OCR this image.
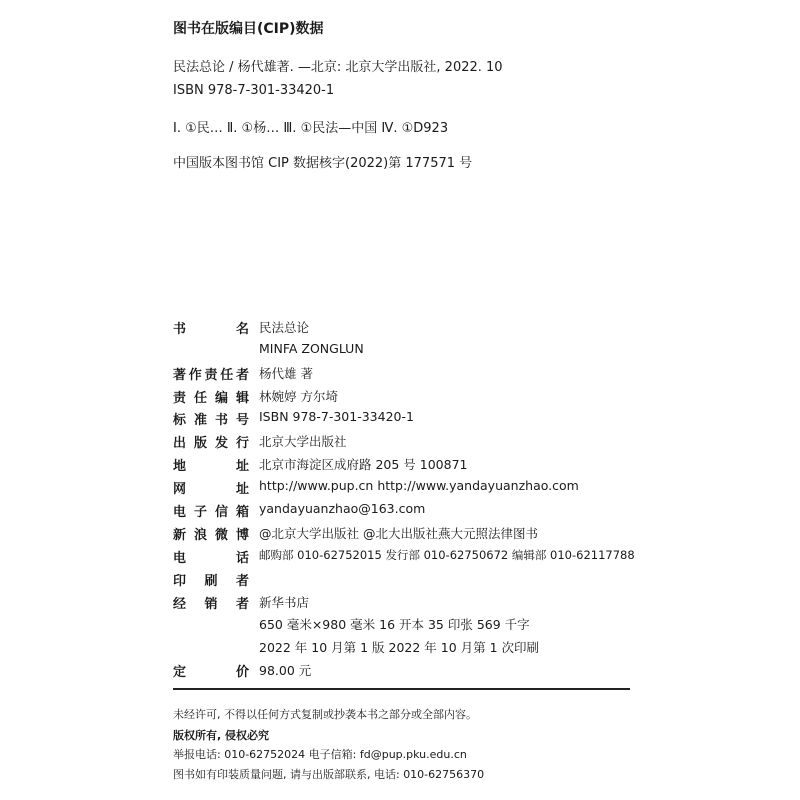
图书在版编目(CIP)数据
民法总论 / 杨代雄著. —北京: 北京大学出版社, 2022. 10
ISBN 978-7-301-33420-1
I. ①民… Ⅱ. ①杨… Ⅲ. ①民法—中国 Ⅳ. ①D923
中国版本图书馆 CIP 数据核字(2022)第 177571 号
书	名 民法总论
MINFA ZONGLUN
著 作 责 任 者 杨代雄 著
责 任 编 辑 林婉婷 方尔埼
标 准 书 号 ISBN 978-7-301-33420-1
出 版 发 行 北京大学出版社
地	址 北京市海淀区成府路 205 号 100871
网	址 http://www.pup.cn http://www.yandayuanzhao.com
电 子 信 箱 yandayuanzhao@163.com
新 浪 微 博 @北京大学出版社 @北大出版社燕大元照法律图书
电	话 邮购部 010-62752015 发行部 010-62750672 编辑部 010-62117788
印 刷 者
经 销 者 新华书店
650 毫米×980 毫米 16 开本 35 印张 569 千字
2022 年 10 月第 1 版 2022 年 10 月第 1 次印刷
定	价 98.00 元
未经许可, 不得以任何方式复制或抄袭本书之部分或全部内容。
版权所有, 侵权必究
举报电话: 010-62752024 电子信箱: fd@pup.pku.edu.cn
图书如有印装质量问题, 请与出版部联系, 电话: 010-62756370
